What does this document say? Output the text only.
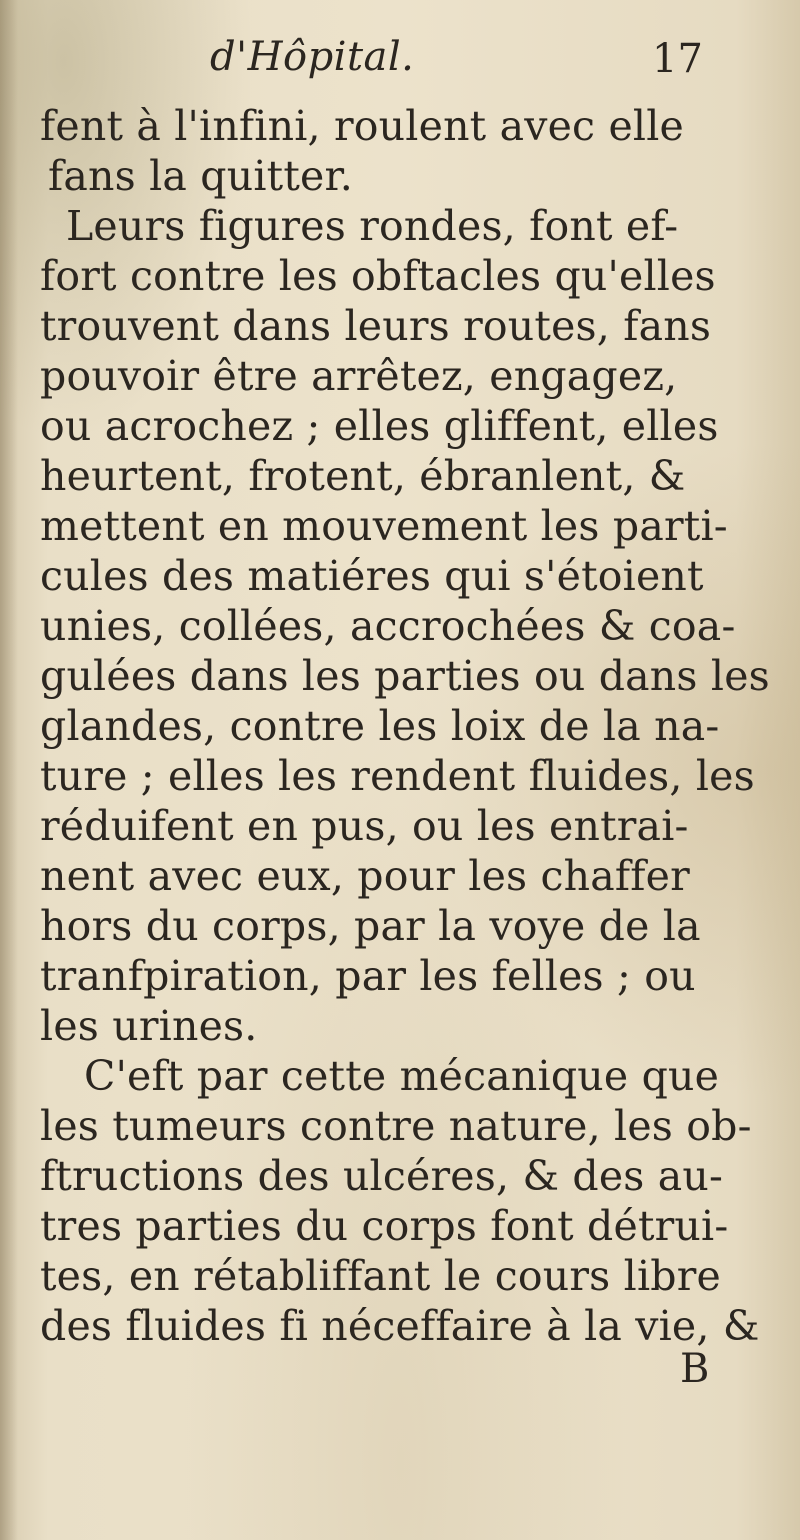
d'Hôpital.	17
fent à l'infini, roulent avec elle
fans la quitter.
Leurs figures rondes, font ef-
fort contre les obftacles qu'elles
trouvent dans leurs routes, fans
pouvoir être arrêtez, engagez,
ou acrochez ; elles gliffent, elles
heurtent, frotent, ébranlent, &
mettent en mouvement les parti-
cules des matiéres qui s'étoient
unies, collées, accrochées & coa-
gulées dans les parties ou dans les
glandes, contre les loix de la na-
ture ; elles les rendent fluides, les
réduifent en pus, ou les entrai-
nent avec eux, pour les chaffer
hors du corps, par la voye de la
tranfpiration, par les felles ; ou
les urines.
C'eft par cette mécanique que
les tumeurs contre nature, les ob-
ftructions des ulcéres, & des au-
tres parties du corps font détrui-
tes, en rétabliffant le cours libre
des fluides fi néceffaire à la vie, &
B
